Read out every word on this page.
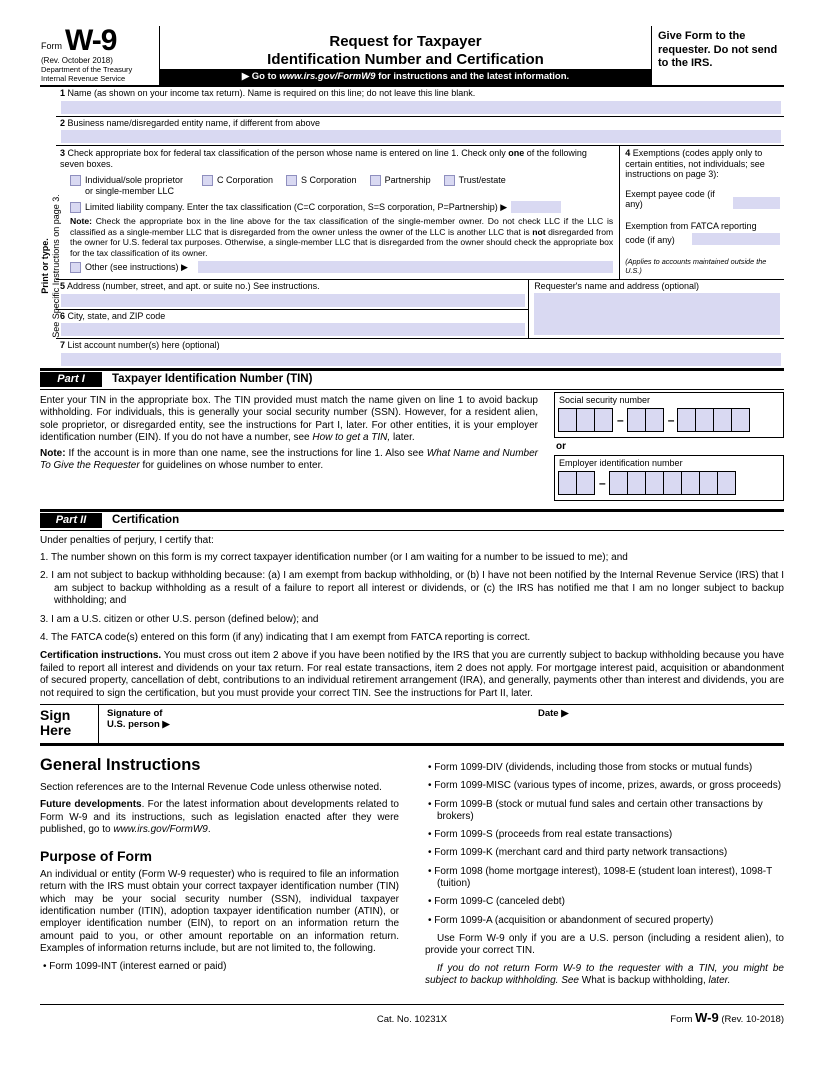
Form W-9
(Rev. October 2018)
Department of the Treasury
Internal Revenue Service
Request for Taxpayer
Identification Number and Certification
▶ Go to www.irs.gov/FormW9 for instructions and the latest information.
Give Form to the requester. Do not send to the IRS.
Print or type. See Specific Instructions on page 3.
1 Name (as shown on your income tax return). Name is required on this line; do not leave this line blank.
2 Business name/disregarded entity name, if different from above
3 Check appropriate box for federal tax classification of the person whose name is entered on line 1. Check only one of the following seven boxes.
Individual/sole proprietor or single-member LLC
C Corporation	S Corporation	Partnership	Trust/estate
Limited liability company. Enter the tax classification (C=C corporation, S=S corporation, P=Partnership) ▶
Note: Check the appropriate box in the line above for the tax classification of the single-member owner. Do not check LLC if the LLC is classified as a single-member LLC that is disregarded from the owner unless the owner of the LLC is another LLC that is not disregarded from the owner for U.S. federal tax purposes. Otherwise, a single-member LLC that is disregarded from the owner should check the appropriate box for the tax classification of its owner.
Other (see instructions) ▶
4 Exemptions (codes apply only to certain entities, not individuals; see instructions on page 3):
Exempt payee code (if any)
Exemption from FATCA reporting
code (if any)
(Applies to accounts maintained outside the U.S.)
5 Address (number, street, and apt. or suite no.) See instructions.
6 City, state, and ZIP code
Requester's name and address (optional)
7 List account number(s) here (optional)
Part I	Taxpayer Identification Number (TIN)

Enter your TIN in the appropriate box. The TIN provided must match the name given on line 1 to avoid backup withholding. For individuals, this is generally your social security number (SSN). However, for a resident alien, sole proprietor, or disregarded entity, see the instructions for Part I, later. For other entities, it is your employer identification number (EIN). If you do not have a number, see How to get a TIN, later.

Note: If the account is in more than one name, see the instructions for line 1. Also see What Name and Number To Give the Requester for guidelines on whose number to enter.

Social security number
–	–
or
Employer identification number
–
Part II	Certification

Under penalties of perjury, I certify that:

1. The number shown on this form is my correct taxpayer identification number (or I am waiting for a number to be issued to me); and

2. I am not subject to backup withholding because: (a) I am exempt from backup withholding, or (b) I have not been notified by the Internal Revenue Service (IRS) that I am subject to backup withholding as a result of a failure to report all interest or dividends, or (c) the IRS has notified me that I am no longer subject to backup withholding; and

3. I am a U.S. citizen or other U.S. person (defined below); and

4. The FATCA code(s) entered on this form (if any) indicating that I am exempt from FATCA reporting is correct.

Certification instructions. You must cross out item 2 above if you have been notified by the IRS that you are currently subject to backup withholding because you have failed to report all interest and dividends on your tax return. For real estate transactions, item 2 does not apply. For mortgage interest paid, acquisition or abandonment of secured property, cancellation of debt, contributions to an individual retirement arrangement (IRA), and generally, payments other than interest and dividends, you are not required to sign the certification, but you must provide your correct TIN. See the instructions for Part II, later.

Sign
Here
Signature of
U.S. person ▶
Date ▶
General Instructions

Section references are to the Internal Revenue Code unless otherwise noted.

Future developments. For the latest information about developments related to Form W-9 and its instructions, such as legislation enacted after they were published, go to www.irs.gov/FormW9.

Purpose of Form

An individual or entity (Form W-9 requester) who is required to file an information return with the IRS must obtain your correct taxpayer identification number (TIN) which may be your social security number (SSN), individual taxpayer identification number (ITIN), adoption taxpayer identification number (ATIN), or employer identification number (EIN), to report on an information return the amount paid to you, or other amount reportable on an information return. Examples of information returns include, but are not limited to, the following.

• Form 1099-INT (interest earned or paid)
• Form 1099-DIV (dividends, including those from stocks or mutual funds)
• Form 1099-MISC (various types of income, prizes, awards, or gross proceeds)
• Form 1099-B (stock or mutual fund sales and certain other transactions by brokers)
• Form 1099-S (proceeds from real estate transactions)
• Form 1099-K (merchant card and third party network transactions)
• Form 1098 (home mortgage interest), 1098-E (student loan interest), 1098-T (tuition)
• Form 1099-C (canceled debt)
• Form 1099-A (acquisition or abandonment of secured property)

Use Form W-9 only if you are a U.S. person (including a resident alien), to provide your correct TIN.

If you do not return Form W-9 to the requester with a TIN, you might be subject to backup withholding. See What is backup withholding, later.

Cat. No. 10231X	Form W-9 (Rev. 10-2018)
